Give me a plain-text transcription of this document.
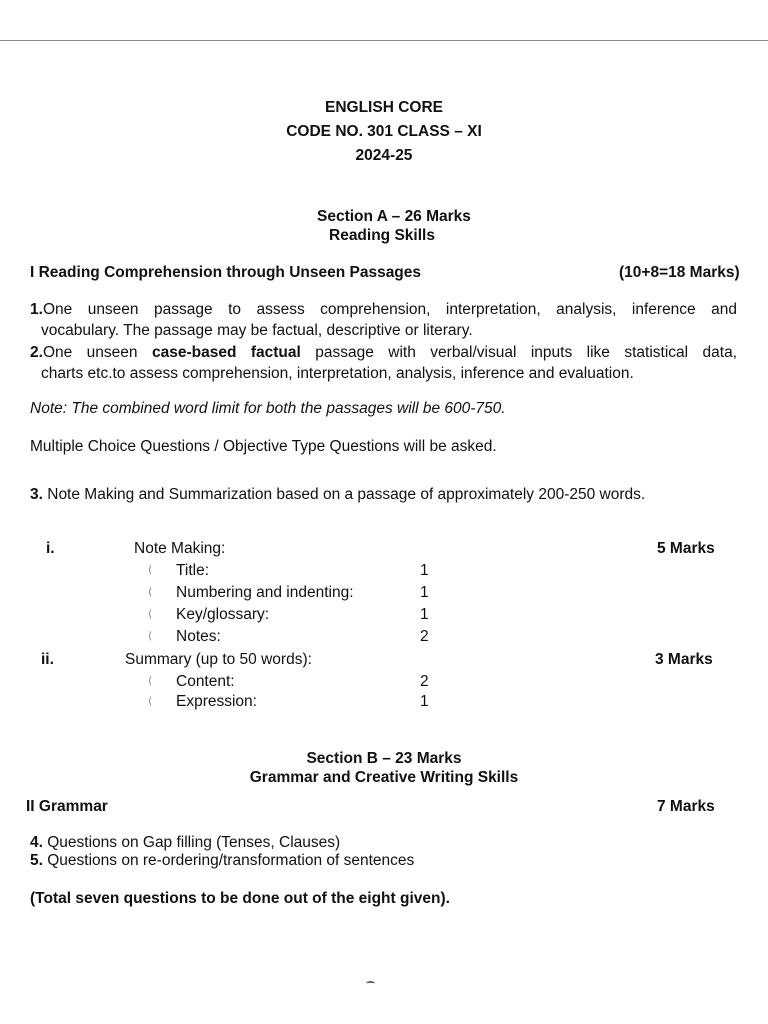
ENGLISH CORE
CODE NO. 301 CLASS – XI
2024-25
Section A – 26 Marks
Reading Skills
I Reading Comprehension through Unseen Passages	(10+8=18 Marks)
1.One unseen passage to assess comprehension, interpretation, analysis, inference and
vocabulary. The passage may be factual, descriptive or literary.
2.One unseen case-based factual passage with verbal/visual inputs like statistical data,
charts etc.to assess comprehension, interpretation, analysis, inference and evaluation.
Note: The combined word limit for both the passages will be 600-750.
Multiple Choice Questions / Objective Type Questions will be asked.
3. Note Making and Summarization based on a passage of approximately 200-250 words.
i.	Note Making:	5 Marks
⟨ Title:	1
⟨ Numbering and indenting:	1
⟨ Key/glossary:	1
⟨ Notes:	2
ii.	Summary (up to 50 words):	3 Marks
⟨ Content:	2
⟨ Expression:	1
Section B – 23 Marks
Grammar and Creative Writing Skills
II Grammar	7 Marks
4. Questions on Gap filling (Tenses, Clauses)
5. Questions on re-ordering/transformation of sentences
(Total seven questions to be done out of the eight given).
